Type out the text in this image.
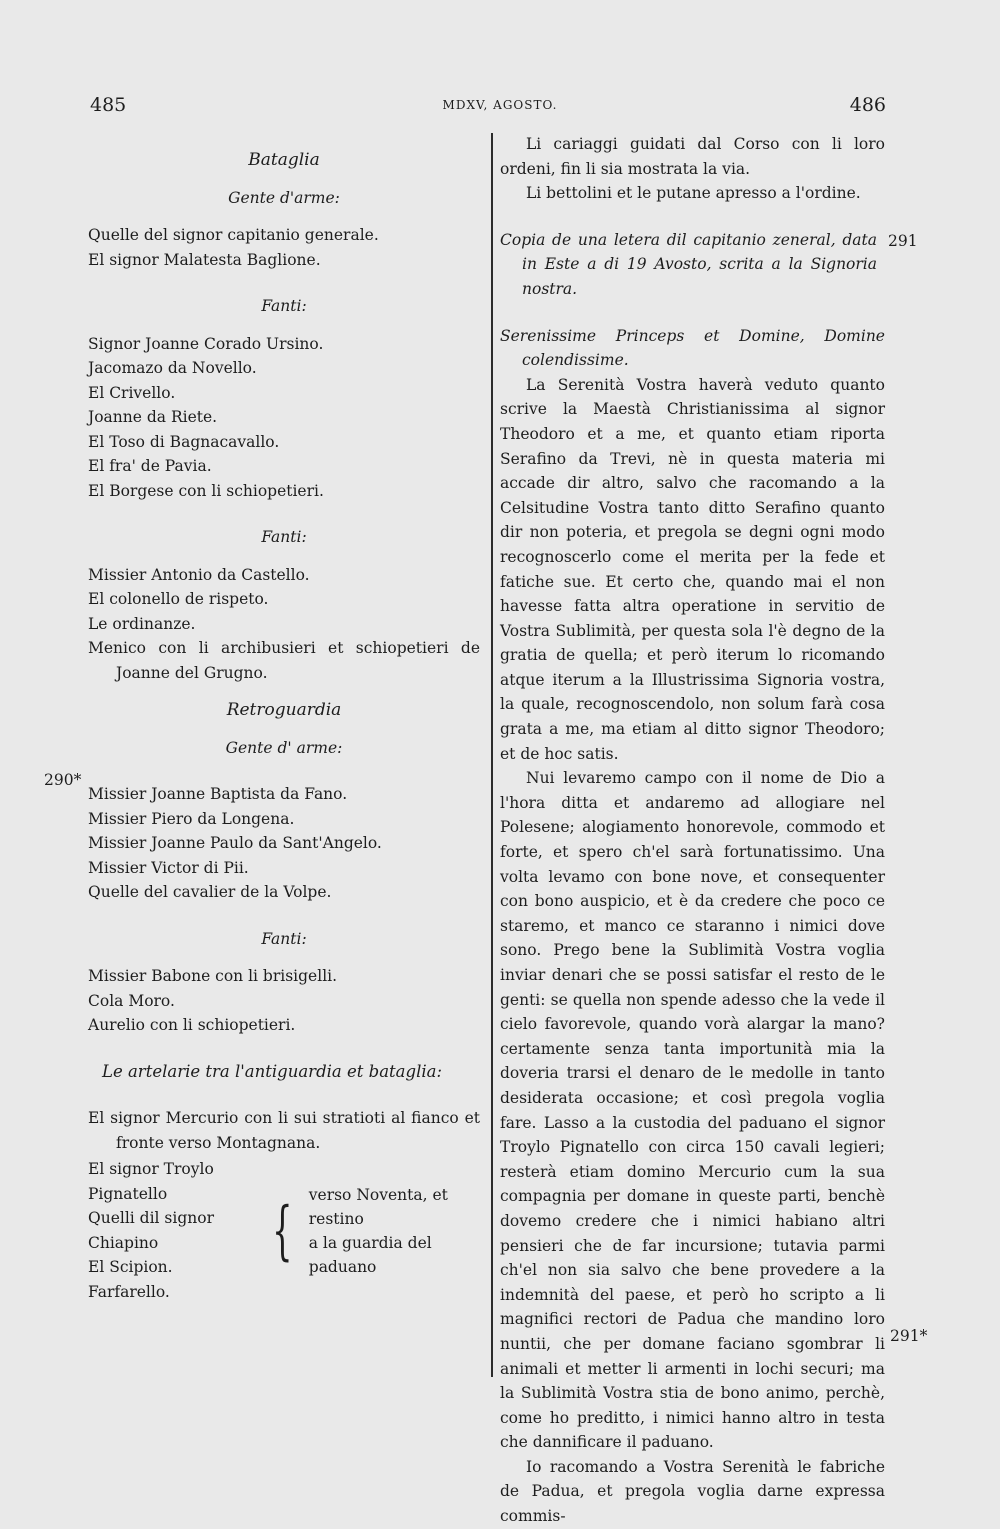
485	MDXV, AGOSTO.	486
290*
291
291*
Bataglia
Gente d'arme:
Quelle del signor capitanio generale.
El signor Malatesta Baglione.
Fanti:
Signor Joanne Corado Ursino.
Jacomazo da Novello.
El Crivello.
Joanne da Riete.
El Toso di Bagnacavallo.
El fra' de Pavia.
El Borgese con li schiopetieri.
Fanti:
Missier Antonio da Castello.
El colonello de rispeto.
Le ordinanze.
Menico con li archibusieri et schiopetieri de Joanne del Grugno.
Retroguardia
Gente d' arme:
Missier Joanne Baptista da Fano.
Missier Piero da Longena.
Missier Joanne Paulo da Sant'Angelo.
Missier Victor di Pii.
Quelle del cavalier de la Volpe.
Fanti:
Missier Babone con li brisigelli.
Cola Moro.
Aurelio con li schiopetieri.
Le artelarie tra l'antiguardia et bataglia:
El signor Mercurio con li sui stratioti al fianco et fronte verso Montagnana.
El signor Troylo Pignatello
Quelli dil signor Chiapino
El Scipion.
Farfarello.
{ verso Noventa, et restino
a la guardia del paduano

Li cariaggi guidati dal Corso con li loro ordeni, fin li sia mostrata la via.

Li bettolini et le putane apresso a l'ordine.

Copia de una letera dil capitanio zeneral, data in Este a di 19 Avosto, scrita a la Signoria nostra.

Serenissime Princeps et Domine, Domine colendissime.

La Serenità Vostra haverà veduto quanto scrive la Maestà Christianissima al signor Theodoro et a me, et quanto etiam riporta Serafino da Trevi, nè in questa materia mi accade dir altro, salvo che racomando a la Celsitudine Vostra tanto ditto Serafino quanto dir non poteria, et pregola se degni ogni modo recognoscerlo come el merita per la fede et fatiche sue. Et certo che, quando mai el non havesse fatta altra operatione in servitio de Vostra Sublimità, per questa sola l'è degno de la gratia de quella; et però iterum lo ricomando atque iterum a la Illustrissima Signoria vostra, la quale, recognoscendolo, non solum farà cosa grata a me, ma etiam al ditto signor Theodoro; et de hoc satis.

Nui levaremo campo con il nome de Dio a l'hora ditta et andaremo ad allogiare nel Polesene; alogiamento honorevole, commodo et forte, et spero ch'el sarà fortunatissimo. Una volta levamo con bone nove, et consequenter con bono auspicio, et è da credere che poco ce staremo, et manco ce staranno i nimici dove sono. Prego bene la Sublimità Vostra voglia inviar denari che se possi satisfar el resto de le genti: se quella non spende adesso che la vede il cielo favorevole, quando vorà alargar la mano? certamente senza tanta importunità mia la doveria trarsi el denaro de le medolle in tanto desiderata occasione; et così pregola voglia fare. Lasso a la custodia del paduano el signor Troylo Pignatello con circa 150 cavali legieri; resterà etiam domino Mercurio cum la sua compagnia per domane in queste parti, benchè dovemo credere che i nimici habiano altri pensieri che de far incursione; tutavia parmi ch'el non sia salvo che bene provedere a la indemnità del paese, et però ho scripto a li magnifici rectori de Padua che mandino loro nuntii, che per domane faciano sgombrar li animali et metter li armenti in lochi securi; ma la Sublimità Vostra stia de bono animo, perchè, come ho preditto, i nimici hanno altro in testa che dannificare il paduano.

Io racomando a Vostra Serenità le fabriche de Padua, et pregola voglia darne expressa commis-
